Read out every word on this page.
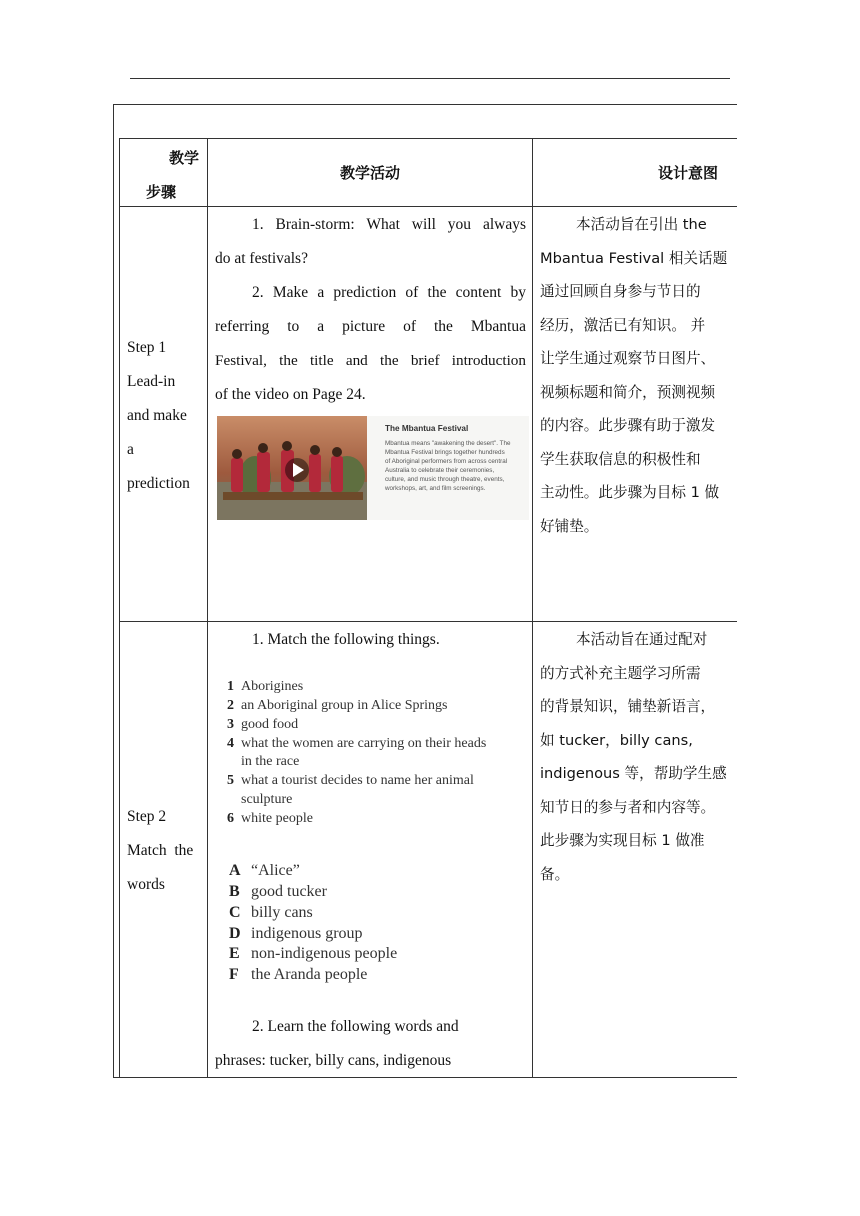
教学
步骤
教学活动	设计意图
Step 1
Lead-in
and make
a
prediction
1. Brain-storm: What will you always
do at festivals?
2. Make a prediction of the content by
referring to a picture of the Mbantua
Festival, the title and the brief introduction
of the video on Page 24.
The Mbantua Festival
Mbantua means "awakening the desert". The
Mbantua Festival brings together hundreds
of Aboriginal performers from across central
Australia to celebrate their ceremonies,
culture, and music through theatre, events,
workshops, art, and film screenings.
本活动旨在引出 the
Mbantua Festival 相关话题
通过回顾自身参与节日的
经历，激活已有知识。 并
让学生通过观察节日图片、
视频标题和简介，预测视频
的内容。此步骤有助于激发
学生获取信息的积极性和
主动性。此步骤为目标 1 做
好铺垫。
Step 2
Match  the
words
1. Match the following things.
1 Aborigines
2 an Aboriginal group in Alice Springs
3 good food
4 what the women are carrying on their heads
in the race
5 what a tourist decides to name her animal
sculpture
6 white people
A “Alice”
B good tucker
C billy cans
D indigenous group
E non-indigenous people
F the Aranda people
2. Learn the following words and
phrases: tucker, billy cans, indigenous
本活动旨在通过配对
的方式补充主题学习所需
的背景知识，铺垫新语言，
如 tucker，billy cans,
indigenous 等，帮助学生感
知节日的参与者和内容等。
此步骤为实现目标 1 做准
备。
